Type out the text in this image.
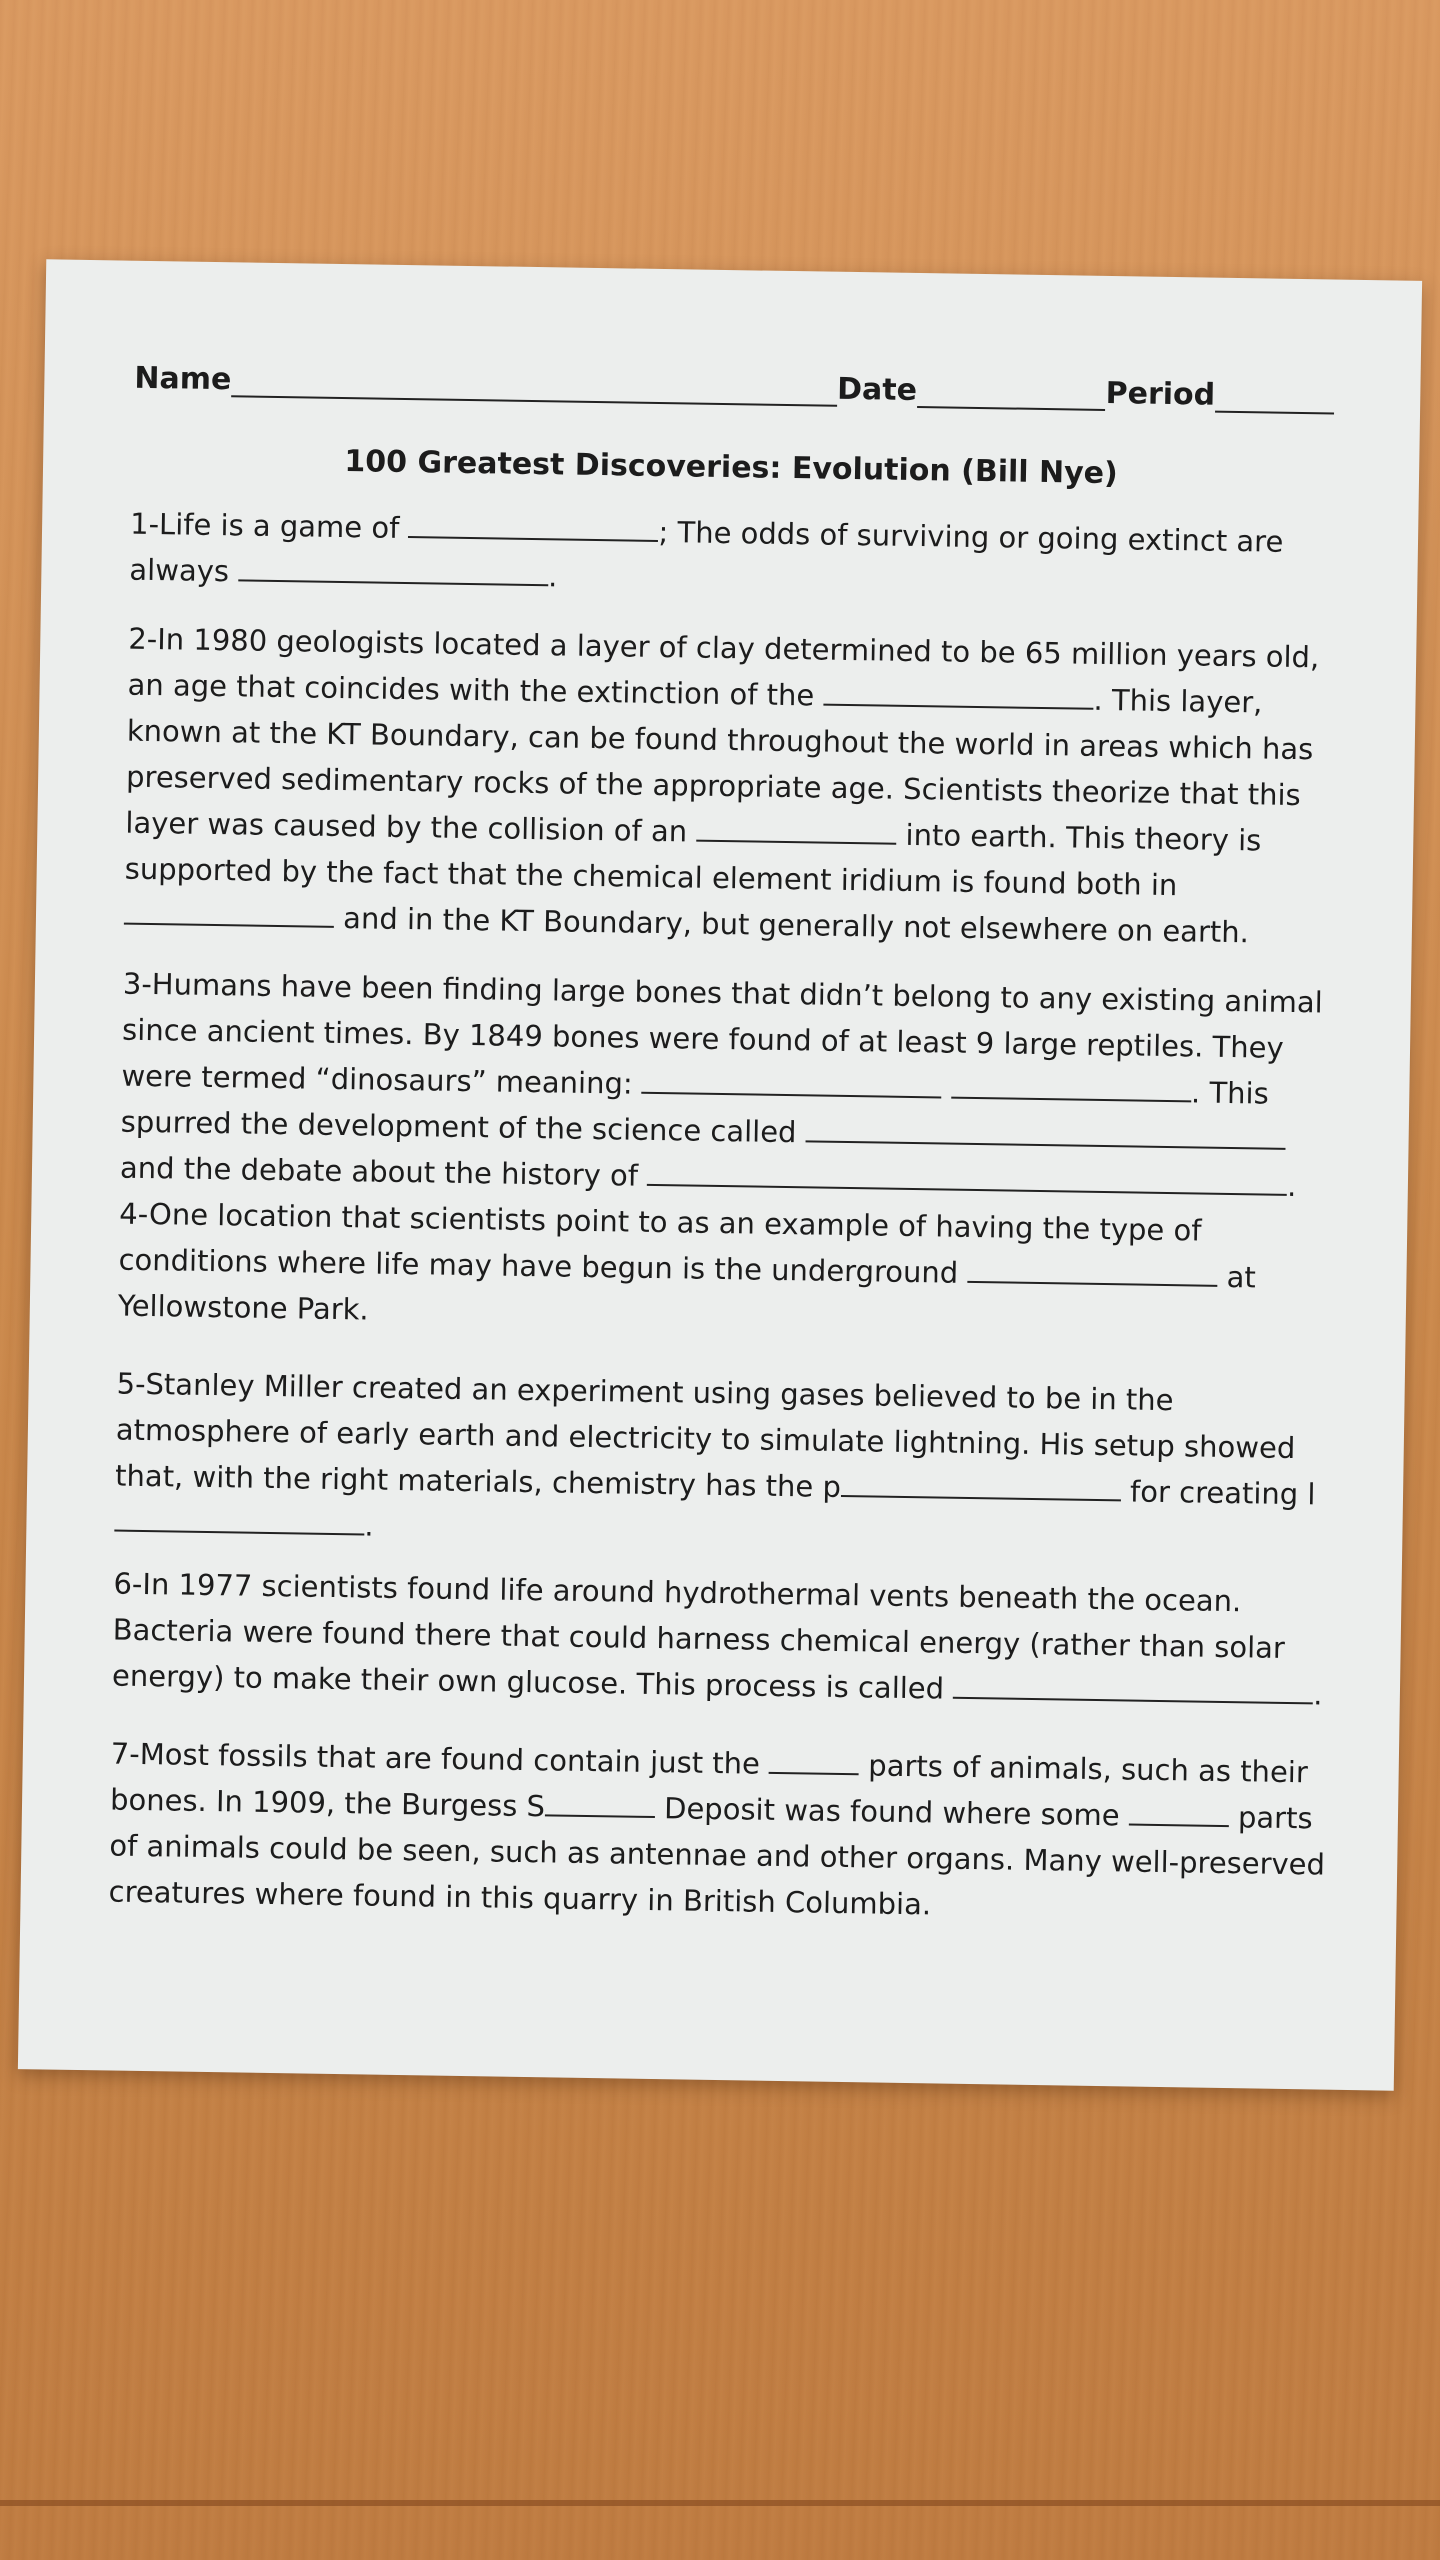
Name	Date	Period
100 Greatest Discoveries: Evolution (Bill Nye)
1-Life is a game of	; The odds of surviving or going extinct are always	.
2-In 1980 geologists located a layer of clay determined to be 65 million years old, an age that coincides with the extinction of the	. This layer, known at the KT Boundary, can be found throughout the world in areas which has preserved sedimentary rocks of the appropriate age. Scientists theorize that this layer was caused by the collision of an	into earth. This theory is supported by the fact that the chemical element iridium is found both in  and in the KT Boundary, but generally not elsewhere on earth.
3-Humans have been finding large bones that didn’t belong to any existing animal since ancient times. By 1849 bones were found of at least 9 large reptiles. They were termed “dinosaurs” meaning:	. This spurred the development of the science called  and the debate about the history of	.
4-One location that scientists point to as an example of having the type of conditions where life may have begun is the underground	at Yellowstone Park.
5-Stanley Miller created an experiment using gases believed to be in the atmosphere of early earth and electricity to simulate lightning. His setup showed that, with the right materials, chemistry has the p	for creating l.
6-In 1977 scientists found life around hydrothermal vents beneath the ocean. Bacteria were found there that could harness chemical energy (rather than solar energy) to make their own glucose. This process is called	.
7-Most fossils that are found contain just the	parts of animals, such as their bones. In 1909, the Burgess S	Deposit was found where some	parts of animals could be seen, such as antennae and other organs. Many well-preserved creatures where found in this quarry in British Columbia.
